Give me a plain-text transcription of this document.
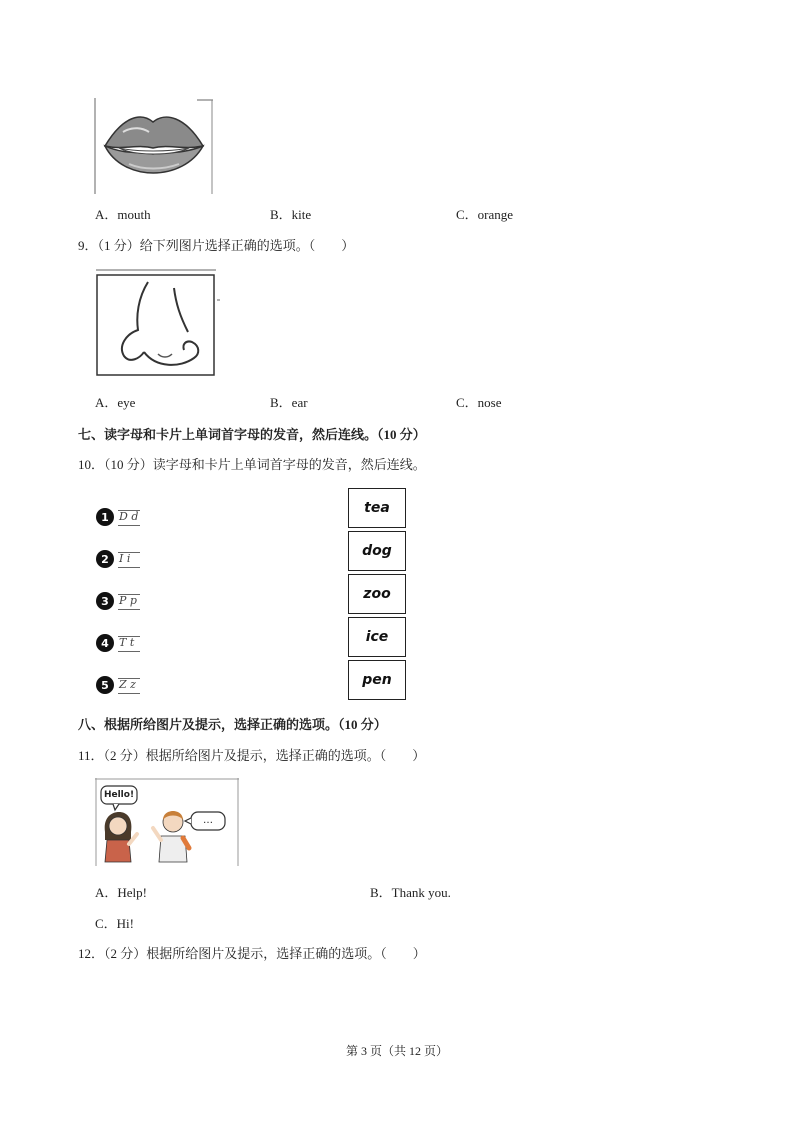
A．mouth	B．kite	C．orange
9．（1 分）给下列图片选择正确的选项。（　　）
A．eye	B．ear	C．nose
七、读字母和卡片上单词首字母的发音，然后连线。（10 分）
10．（10 分）读字母和卡片上单词首字母的发音，然后连线。
1 D d
2 I i
3 P p
4 T t
5 Z z
tea
dog
zoo
ice
pen
八、根据所给图片及提示，选择正确的选项。（10 分）
11．（2 分）根据所给图片及提示，选择正确的选项。（　　）
Hello!
…
A．Help!	B．Thank you.
C．Hi!
12．（2 分）根据所给图片及提示，选择正确的选项。（　　）
第 3 页（共 12 页）
